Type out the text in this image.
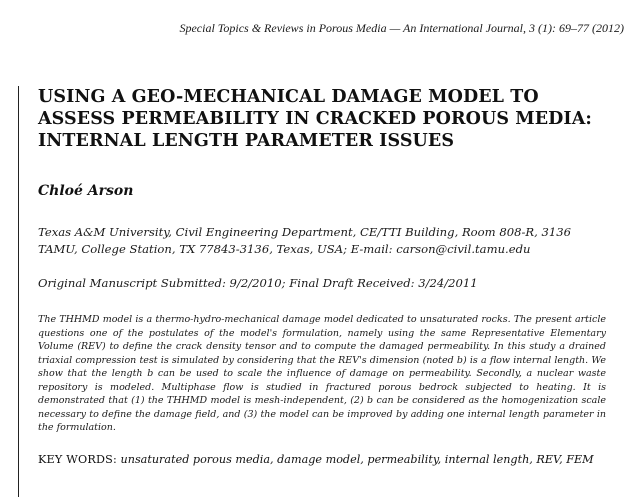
Special Topics & Reviews in Porous Media — An International Journal, 3 (1): 69–77 (2012)
USING A GEO-MECHANICAL DAMAGE MODEL TO ASSESS PERMEABILITY IN CRACKED POROUS MEDIA: INTERNAL LENGTH PARAMETER ISSUES
Chloé Arson
Texas A&M University, Civil Engineering Department, CE/TTI Building, Room 808-R, 3136 TAMU, College Station, TX 77843-3136, Texas, USA; E-mail: carson@civil.tamu.edu
Original Manuscript Submitted: 9/2/2010; Final Draft Received: 3/24/2011
The THHMD model is a thermo-hydro-mechanical damage model dedicated to unsaturated rocks. The present article questions one of the postulates of the model's formulation, namely using the same Representative Elementary Volume (REV) to define the crack density tensor and to compute the damaged permeability. In this study a drained triaxial compression test is simulated by considering that the REV's dimension (noted b) is a flow internal length. We show that the length b can be used to scale the influence of damage on permeability. Secondly, a nuclear waste repository is modeled. Multiphase flow is studied in fractured porous bedrock subjected to heating. It is demonstrated that (1) the THHMD model is mesh-independent, (2) b can be considered as the homogenization scale necessary to define the damage field, and (3) the model can be improved by adding one internal length parameter in the formulation.
KEY WORDS: unsaturated porous media, damage model, permeability, internal length, REV, FEM
